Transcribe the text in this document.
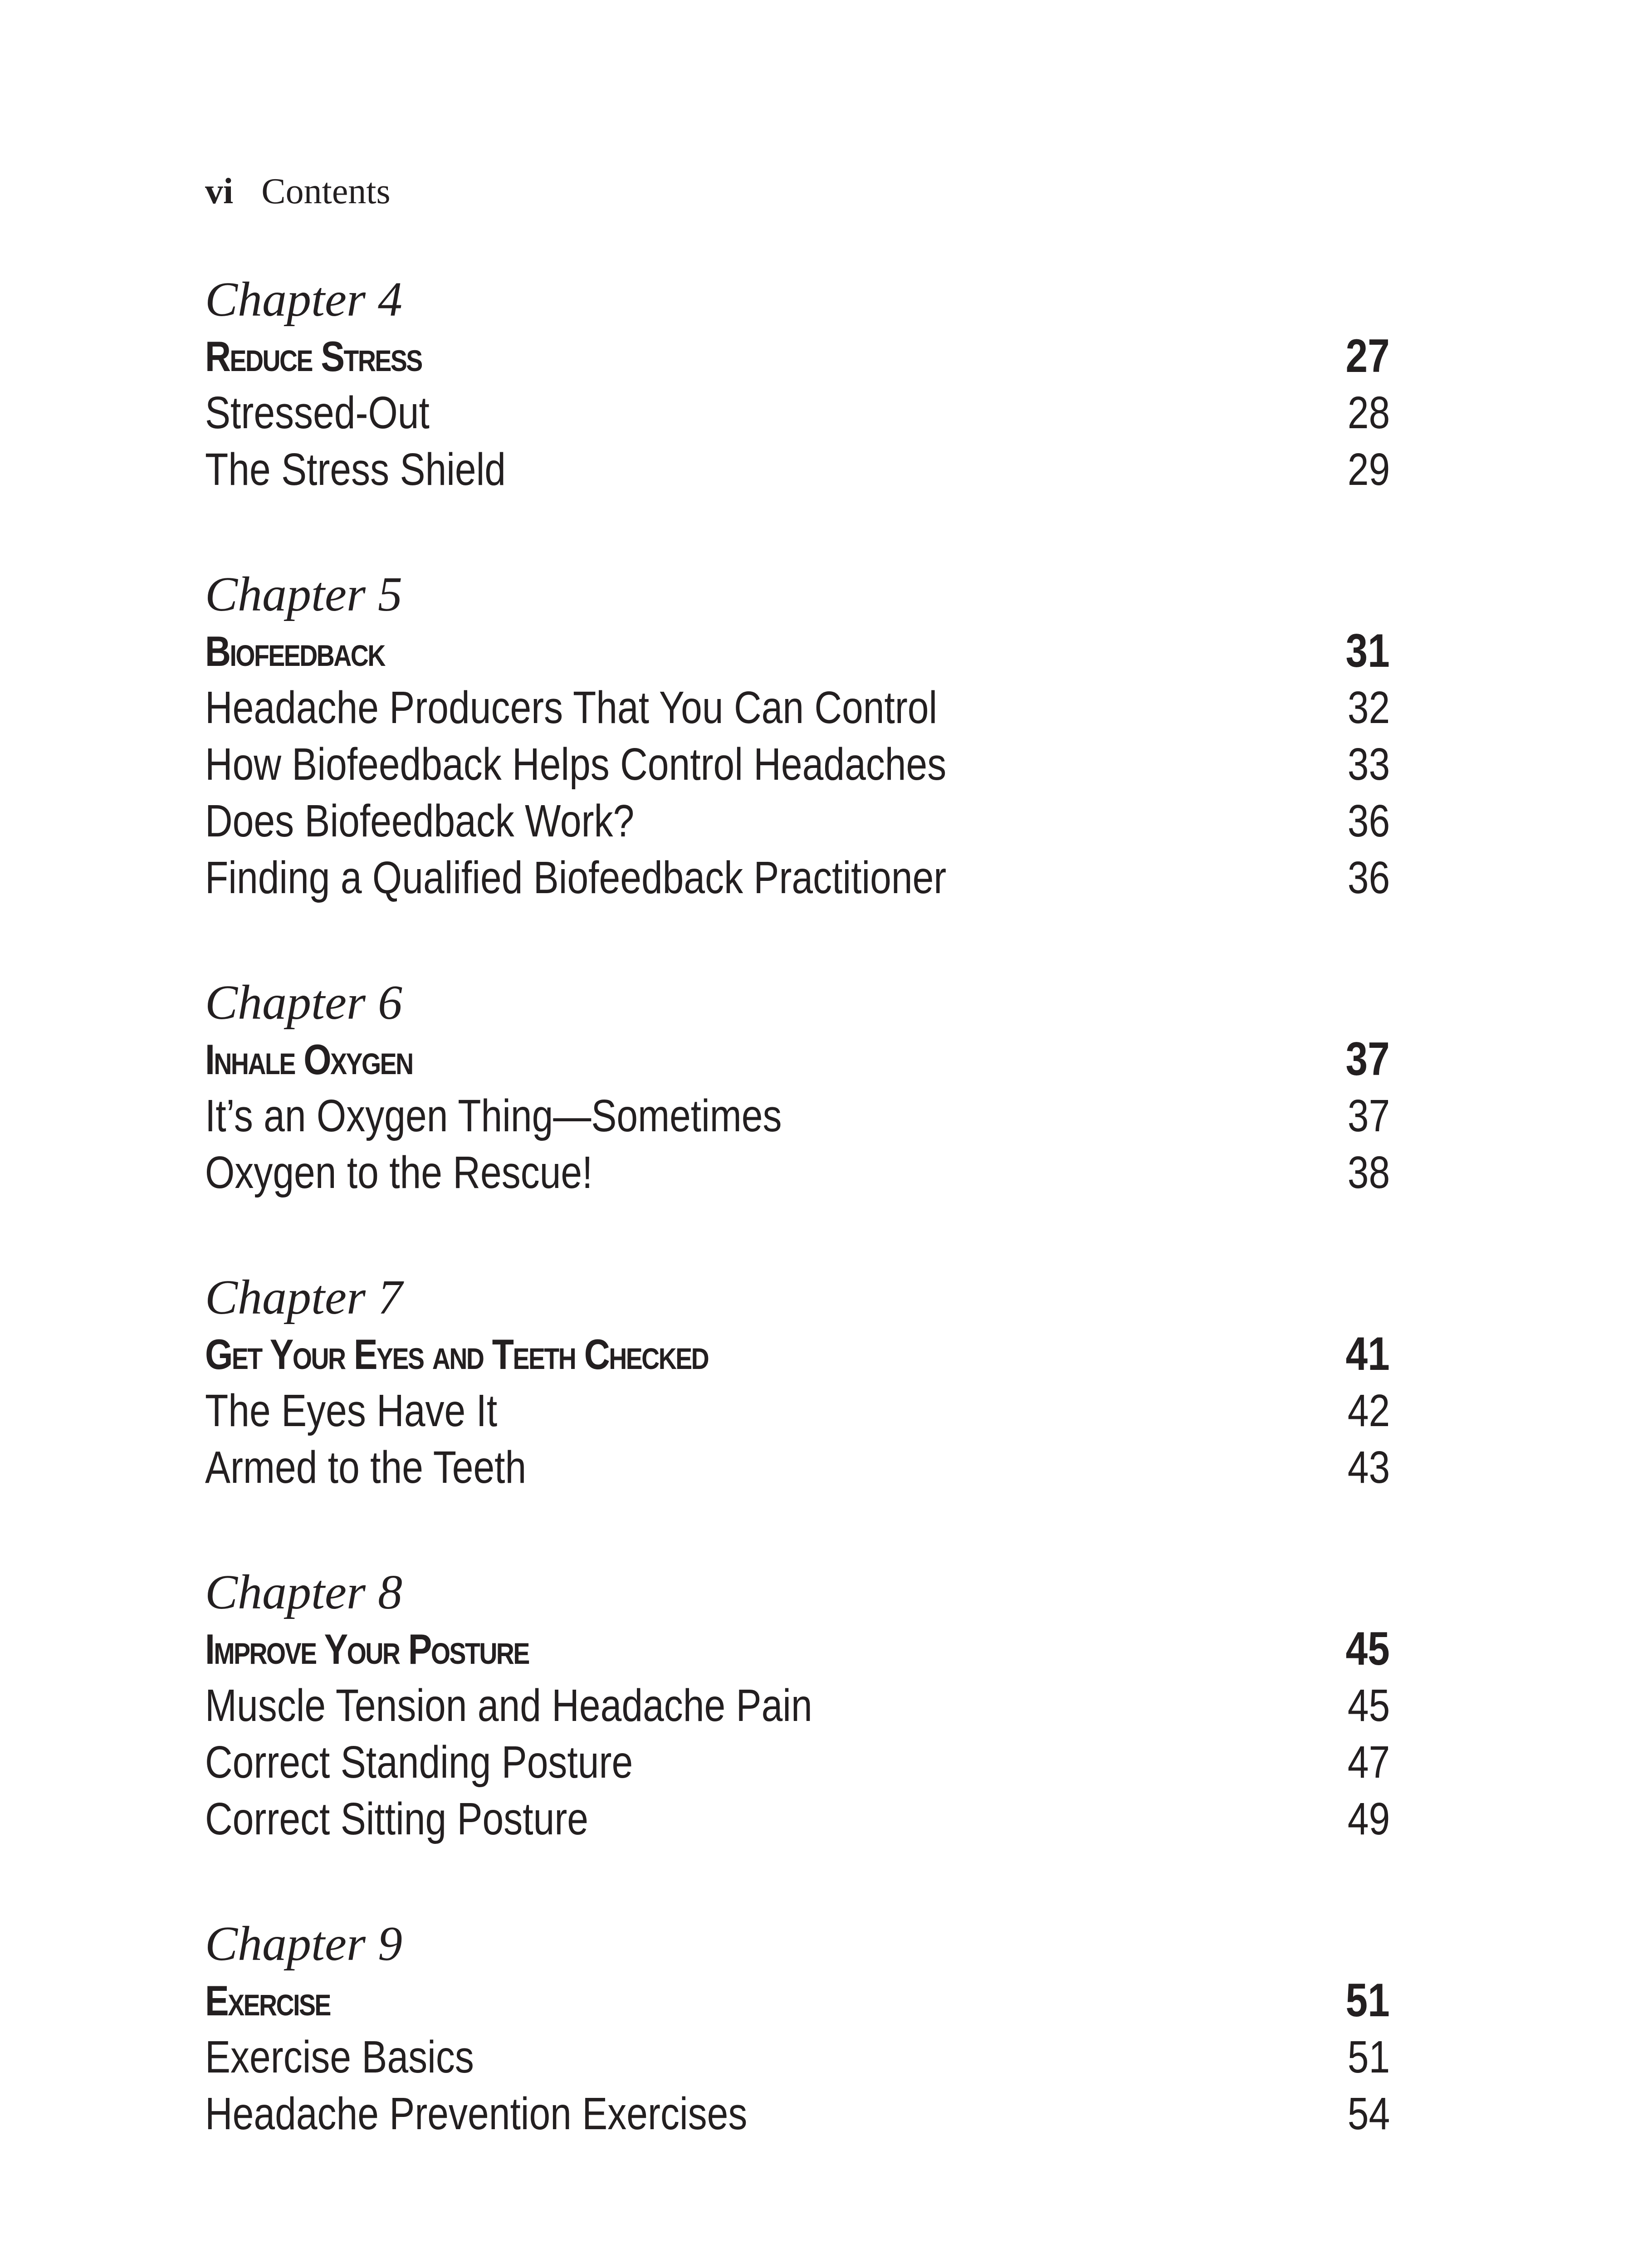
vi Contents
Chapter 4
Reduce Stress	27
Stressed-Out	28
The Stress Shield	29
Chapter 5
Biofeedback	31
Headache Producers That You Can Control	32
How Biofeedback Helps Control Headaches	33
Does Biofeedback Work?	36
Finding a Qualified Biofeedback Practitioner	36
Chapter 6
Inhale Oxygen	37
It’s an Oxygen Thing—Sometimes	37
Oxygen to the Rescue!	38
Chapter 7
Get Your Eyes and Teeth Checked	41
The Eyes Have It	42
Armed to the Teeth	43
Chapter 8
Improve Your Posture	45
Muscle Tension and Headache Pain	45
Correct Standing Posture	47
Correct Sitting Posture	49
Chapter 9
Exercise	51
Exercise Basics	51
Headache Prevention Exercises	54
